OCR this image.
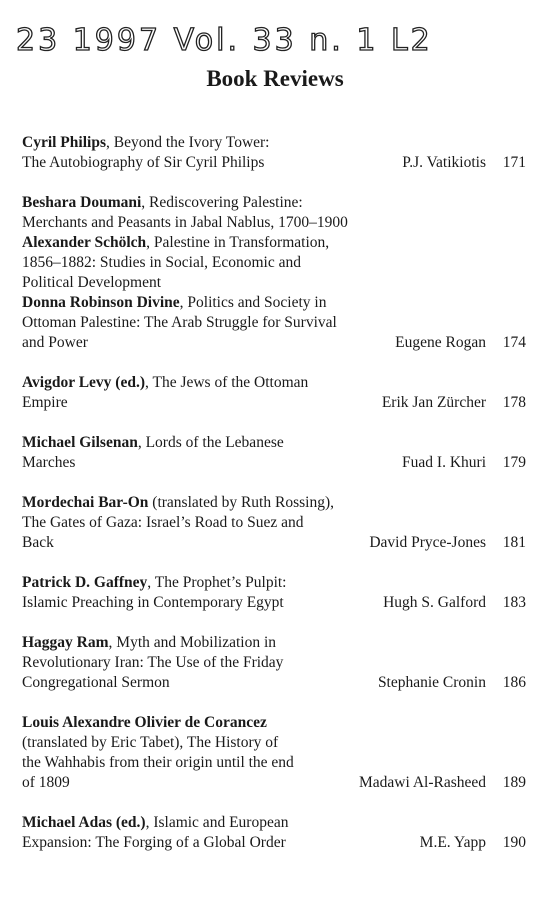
23 1997 Vol. 33 n. 1 L2
Book Reviews
Cyril Philips, Beyond the Ivory Tower:
The Autobiography of Sir Cyril Philips	P.J. Vatikiotis 171
Beshara Doumani, Rediscovering Palestine:
Merchants and Peasants in Jabal Nablus, 1700–1900
Alexander Schölch, Palestine in Transformation,
1856–1882: Studies in Social, Economic and
Political Development
Donna Robinson Divine, Politics and Society in
Ottoman Palestine: The Arab Struggle for Survival
and Power	Eugene Rogan 174
Avigdor Levy (ed.), The Jews of the Ottoman
Empire	Erik Jan Zürcher 178
Michael Gilsenan, Lords of the Lebanese
Marches	Fuad I. Khuri 179
Mordechai Bar-On (translated by Ruth Rossing),
The Gates of Gaza: Israel’s Road to Suez and
Back	David Pryce-Jones 181
Patrick D. Gaffney, The Prophet’s Pulpit:
Islamic Preaching in Contemporary Egypt	Hugh S. Galford 183
Haggay Ram, Myth and Mobilization in
Revolutionary Iran: The Use of the Friday
Congregational Sermon	Stephanie Cronin 186
Louis Alexandre Olivier de Corancez
(translated by Eric Tabet), The History of
the Wahhabis from their origin until the end
of 1809	Madawi Al-Rasheed 189
Michael Adas (ed.), Islamic and European
Expansion: The Forging of a Global Order	M.E. Yapp 190
